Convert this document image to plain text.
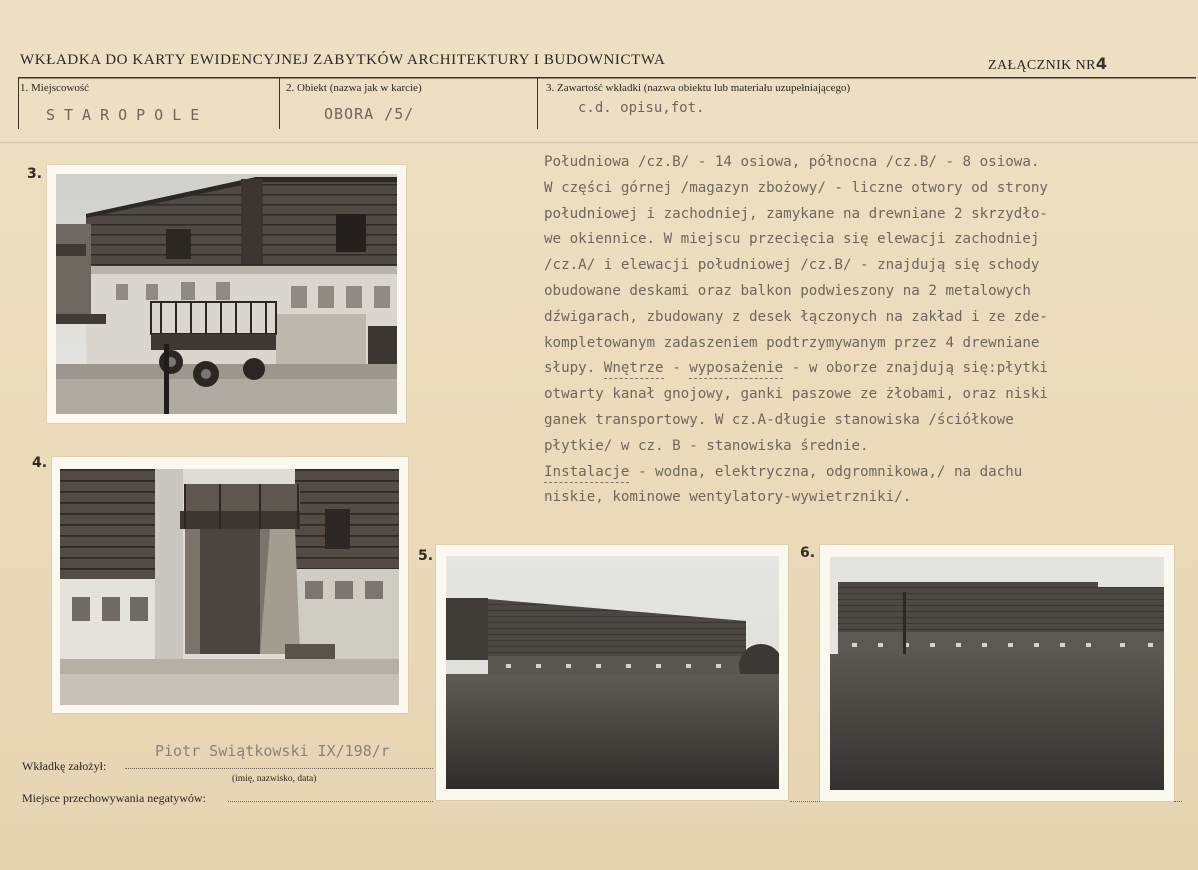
WKŁADKA DO KARTY EWIDENCYJNEJ ZABYTKÓW ARCHITEKTURY I BUDOWNICTWA	ZAŁĄCZNIK NR4
1. Miejscowość	2. Obiekt (nazwa jak w karcie)	3. Zawartość wkładki (nazwa obiektu lub materiału uzupełniającego)
STAROPOLE	OBORA /5/	c.d. opisu,fot.
3.
4.
5.	6.
Południowa /cz.B/ - 14 osiowa, północna /cz.B/ - 8 osiowa.
W części górnej /magazyn zbożowy/ - liczne otwory od strony
południowej i zachodniej, zamykane na drewniane 2 skrzydło-
we okiennice. W miejscu przecięcia się elewacji zachodniej
/cz.A/ i elewacji południowej /cz.B/ - znajdują się schody
obudowane deskami oraz balkon podwieszony na 2 metalowych
dźwigarach, zbudowany z desek łączonych na zakład i ze zde-
kompletowanym zadaszeniem podtrzymywanym przez 4 drewniane
słupy. Wnętrze - wyposażenie - w oborze znajdują się:płytki
otwarty kanał gnojowy, ganki paszowe ze żłobami, oraz niski
ganek transportowy. W cz.A-długie stanowiska /ściółkowe
płytkie/ w cz. B - stanowiska średnie.
Instalacje - wodna, elektryczna, odgromnikowa,/ na dachu
niskie, kominowe wentylatory-wywietrzniki/.
Piotr Swiątkowski IX/198/r
Wkładkę założył:
(imię, nazwisko, data)
Miejsce przechowywania negatywów:
